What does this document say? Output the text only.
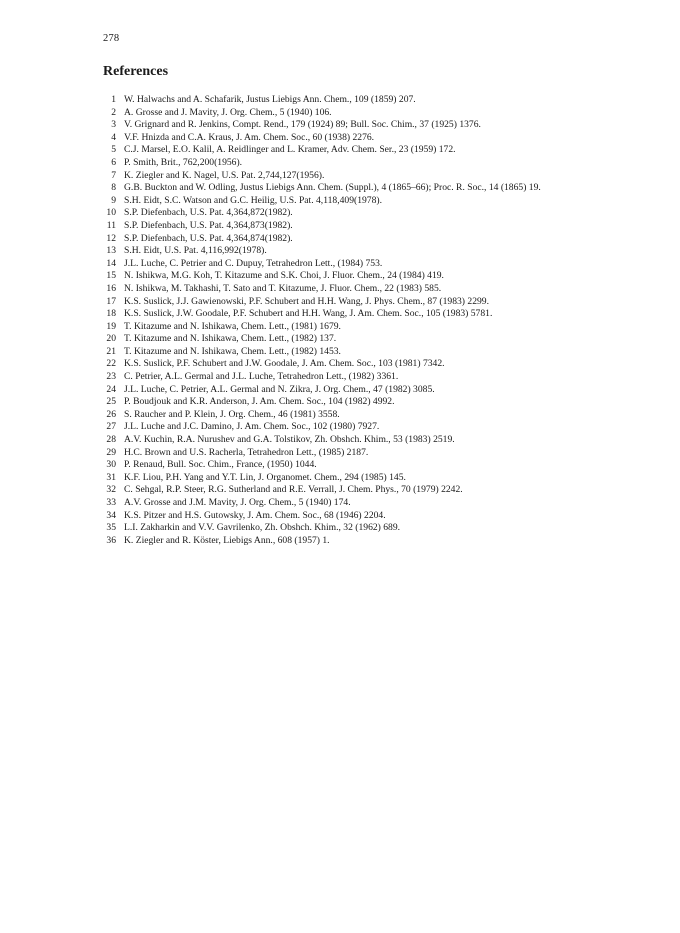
278
References
1 W. Halwachs and A. Schafarik, Justus Liebigs Ann. Chem., 109 (1859) 207.
2 A. Grosse and J. Mavity, J. Org. Chem., 5 (1940) 106.
3 V. Grignard and R. Jenkins, Compt. Rend., 179 (1924) 89; Bull. Soc. Chim., 37 (1925) 1376.
4 V.F. Hnizda and C.A. Kraus, J. Am. Chem. Soc., 60 (1938) 2276.
5 C.J. Marsel, E.O. Kalil, A. Reidlinger and L. Kramer, Adv. Chem. Ser., 23 (1959) 172.
6 P. Smith, Brit., 762,200(1956).
7 K. Ziegler and K. Nagel, U.S. Pat. 2,744,127(1956).
8 G.B. Buckton and W. Odling, Justus Liebigs Ann. Chem. (Suppl.), 4 (1865–66); Proc. R. Soc., 14 (1865) 19.
9 S.H. Eidt, S.C. Watson and G.C. Heilig, U.S. Pat. 4,118,409(1978).
10 S.P. Diefenbach, U.S. Pat. 4,364,872(1982).
11 S.P. Diefenbach, U.S. Pat. 4,364,873(1982).
12 S.P. Diefenbach, U.S. Pat. 4,364,874(1982).
13 S.H. Eidt, U.S. Pat. 4,116,992(1978).
14 J.L. Luche, C. Petrier and C. Dupuy, Tetrahedron Lett., (1984) 753.
15 N. Ishikwa, M.G. Koh, T. Kitazume and S.K. Choi, J. Fluor. Chem., 24 (1984) 419.
16 N. Ishikwa, M. Takhashi, T. Sato and T. Kitazume, J. Fluor. Chem., 22 (1983) 585.
17 K.S. Suslick, J.J. Gawienowski, P.F. Schubert and H.H. Wang, J. Phys. Chem., 87 (1983) 2299.
18 K.S. Suslick, J.W. Goodale, P.F. Schubert and H.H. Wang, J. Am. Chem. Soc., 105 (1983) 5781.
19 T. Kitazume and N. Ishikawa, Chem. Lett., (1981) 1679.
20 T. Kitazume and N. Ishikawa, Chem. Lett., (1982) 137.
21 T. Kitazume and N. Ishikawa, Chem. Lett., (1982) 1453.
22 K.S. Suslick, P.F. Schubert and J.W. Goodale, J. Am. Chem. Soc., 103 (1981) 7342.
23 C. Petrier, A.L. Germal and J.L. Luche, Tetrahedron Lett., (1982) 3361.
24 J.L. Luche, C. Petrier, A.L. Germal and N. Zikra, J. Org. Chem., 47 (1982) 3085.
25 P. Boudjouk and K.R. Anderson, J. Am. Chem. Soc., 104 (1982) 4992.
26 S. Raucher and P. Klein, J. Org. Chem., 46 (1981) 3558.
27 J.L. Luche and J.C. Damino, J. Am. Chem. Soc., 102 (1980) 7927.
28 A.V. Kuchin, R.A. Nurushev and G.A. Tolstikov, Zh. Obshch. Khim., 53 (1983) 2519.
29 H.C. Brown and U.S. Racherla, Tetrahedron Lett., (1985) 2187.
30 P. Renaud, Bull. Soc. Chim., France, (1950) 1044.
31 K.F. Liou, P.H. Yang and Y.T. Lin, J. Organomet. Chem., 294 (1985) 145.
32 C. Sehgal, R.P. Steer, R.G. Sutherland and R.E. Verrall, J. Chem. Phys., 70 (1979) 2242.
33 A.V. Grosse and J.M. Mavity, J. Org. Chem., 5 (1940) 174.
34 K.S. Pitzer and H.S. Gutowsky, J. Am. Chem. Soc., 68 (1946) 2204.
35 L.I. Zakharkin and V.V. Gavrilenko, Zh. Obshch. Khim., 32 (1962) 689.
36 K. Ziegler and R. Köster, Liebigs Ann., 608 (1957) 1.
